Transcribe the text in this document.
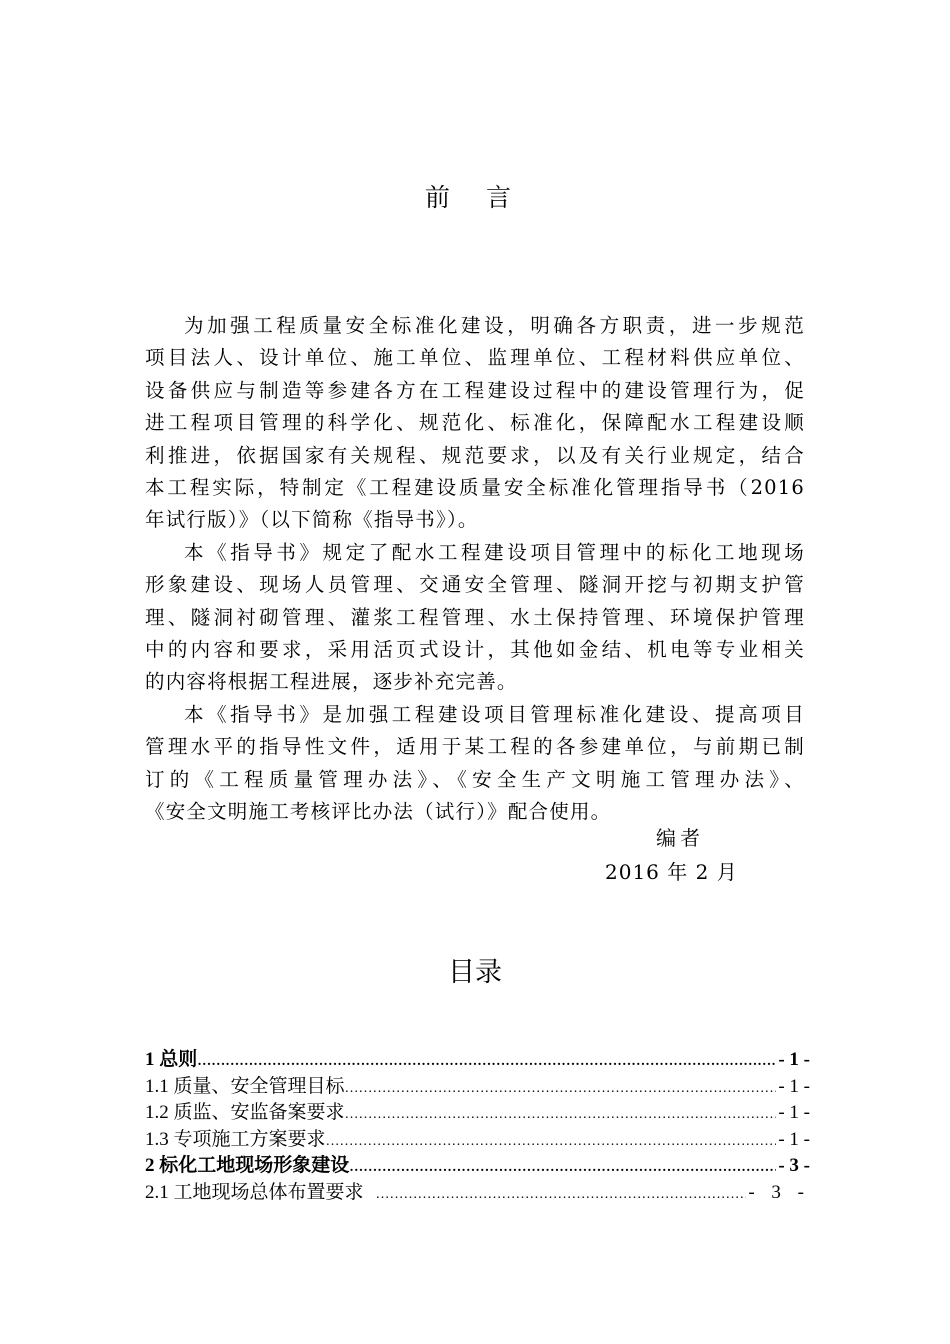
前 言

为加强工程质量安全标准化建设，明确各方职责，进一步规范
项目法人、设计单位、施工单位、监理单位、工程材料供应单位、
设备供应与制造等参建各方在工程建设过程中的建设管理行为，促
进工程项目管理的科学化、规范化、标准化，保障配水工程建设顺
利推进，依据国家有关规程、规范要求，以及有关行业规定，结合
本工程实际，特制定《工程建设质量安全标准化管理指导书（2016
年试行版）》（以下简称《指导书》）。

本《指导书》规定了配水工程建设项目管理中的标化工地现场
形象建设、现场人员管理、交通安全管理、隧洞开挖与初期支护管
理、隧洞衬砌管理、灌浆工程管理、水土保持管理、环境保护管理
中的内容和要求，采用活页式设计，其他如金结、机电等专业相关
的内容将根据工程进展，逐步补充完善。

本《指导书》是加强工程建设项目管理标准化建设、提高项目
管理水平的指导性文件，适用于某工程的各参建单位，与前期已制
订的《工程质量管理办法》、《安全生产文明施工管理办法》、
《安全文明施工考核评比办法（试行）》配合使用。

编者
2016 年 2 月
目录
1 总则 …………………………………………………………………………………………………………………………	- 1 -
1.1 质量、安全管理目标 …………………………………………………………………………………………………………………………	- 1 -
1.2 质监、安监备案要求 …………………………………………………………………………………………………………………………	- 1 -
1.3 专项施工方案要求 …………………………………………………………………………………………………………………………	- 1 -
2 标化工地现场形象建设 …………………………………………………………………………………………………………………………	- 3 -
2.1 工地现场总体布置要求 …………………………………………………………………………………………	- 3 -
